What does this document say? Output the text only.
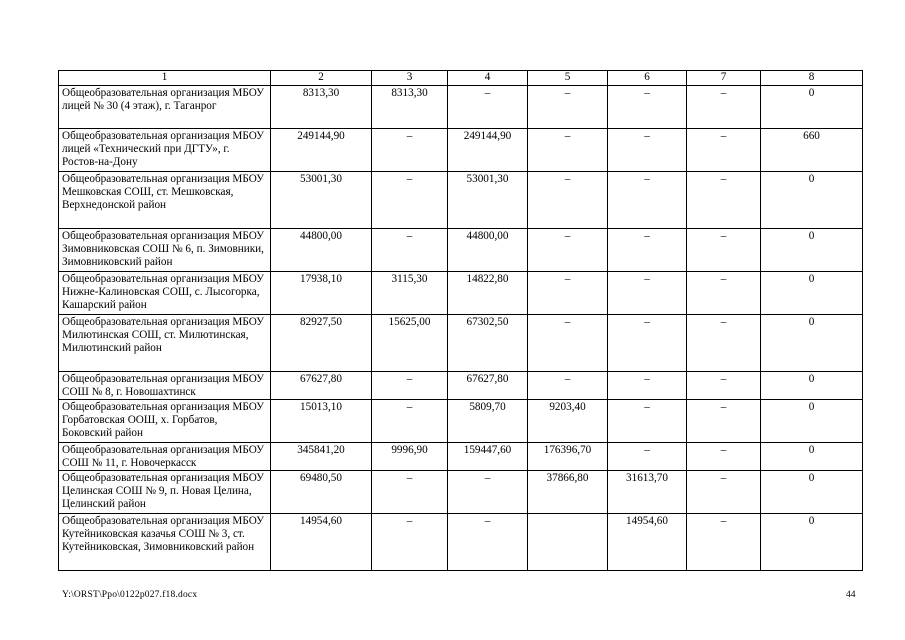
1	2	3	4	5	6	7	8
Общеобразовательная организация МБОУ лицей № 30 (4 этаж), г. Таганрог	8313,30	8313,30	–	–	–	–	0
Общеобразовательная организация МБОУ лицей «Технический при ДГТУ», г. Ростов-на-Дону	249144,90	–	249144,90	–	–	–	660
Общеобразовательная организация МБОУ Мешковская СОШ, ст. Мешковская, Верхнедонской район	53001,30	–	53001,30	–	–	–	0
Общеобразовательная организация МБОУ Зимовниковская СОШ № 6, п. Зимовники, Зимовниковский район	44800,00	–	44800,00	–	–	–	0
Общеобразовательная организация МБОУ Нижне-Калиновская СОШ, с. Лысогорка, Кашарский район	17938,10	3115,30	14822,80	–	–	–	0
Общеобразовательная организация МБОУ Милютинская СОШ, ст. Милютинская, Милютинский район	82927,50	15625,00	67302,50	–	–	–	0
Общеобразовательная организация МБОУ СОШ № 8, г. Новошахтинск	67627,80	–	67627,80	–	–	–	0
Общеобразовательная организация МБОУ Горбатовская ООШ, х. Горбатов, Боковский район	15013,10	–	5809,70	9203,40	–	–	0
Общеобразовательная организация МБОУ СОШ № 11, г. Новочеркасск	345841,20	9996,90	159447,60	176396,70	–	–	0
Общеобразовательная организация МБОУ Целинская СОШ № 9, п. Новая Целина, Целинский район	69480,50	–	–	37866,80	31613,70	–	0
Общеобразовательная организация МБОУ Кутейниковская казачья СОШ № 3, ст. Кутейниковская, Зимовниковский район	14954,60	–	–		14954,60	–	0
Y:\ORST\Ppo\0122p027.f18.docx	44
